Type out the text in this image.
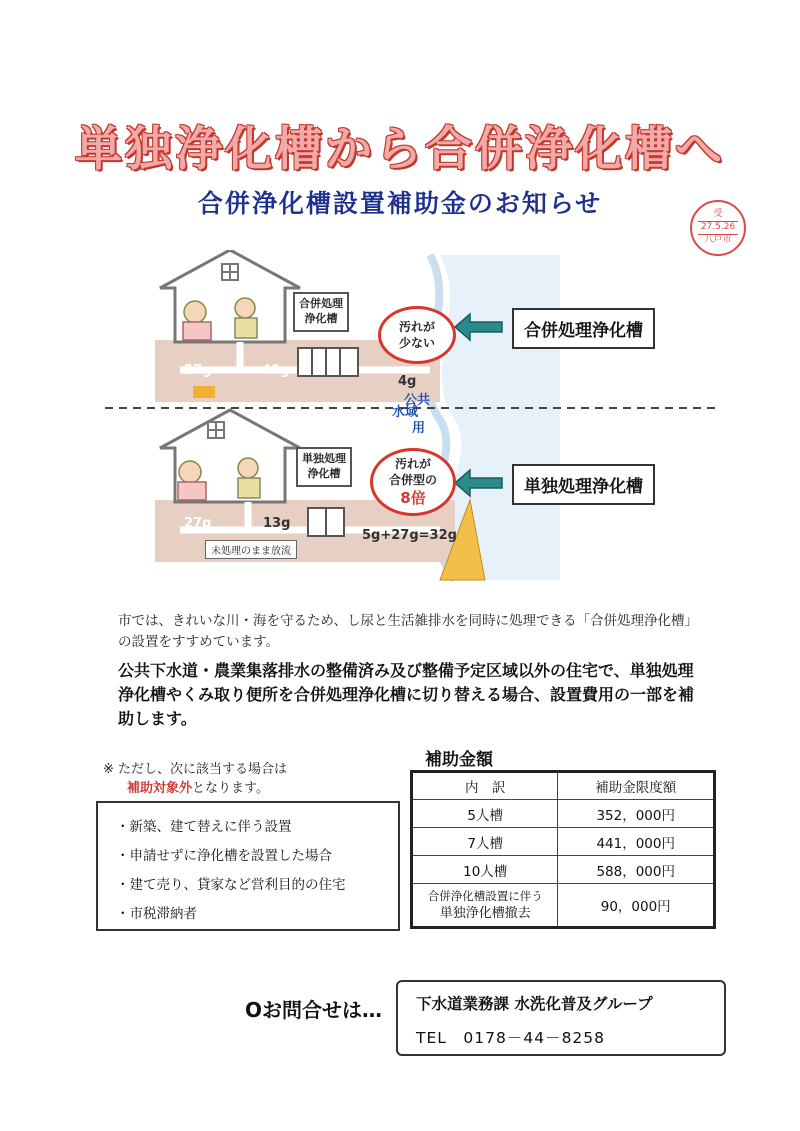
単独浄化槽から合併浄化槽へ
合併浄化槽設置補助金のお知らせ	受
27.5.26
八戸市
合併処理
浄化槽
汚れが
少ない
合併処理浄化槽
27g	40g
4g
公共
水域
用
単独処理
浄化槽
汚れが
合併型の
8倍
単独処理浄化槽
27g	13g
5g+27g=32g
未処理のまま放流
市では、きれいな川・海を守るため、し尿と生活雑排水を同時に処理できる「合併処理浄化槽」の設置をすすめています。
公共下水道・農業集落排水の整備済み及び整備予定区域以外の住宅で、単独処理浄化槽やくみ取り便所を合併処理浄化槽に切り替える場合、設置費用の一部を補助します。
※ ただし、次に該当する場合は
補助対象外となります。
・新築、建て替えに伴う設置
・申請せずに浄化槽を設置した場合
・建て売り、貸家など営利目的の住宅
・市税滞納者
補助金額
内　訳	補助金限度額
5人槽	352，000円
7人槽	441，000円
10人槽	588，000円

合併浄化槽設置に伴う
単独浄化槽撤去	90，000円
Oお問合せは… 下水道業務課 水洗化普及グループ
TEL　0178－44－8258
